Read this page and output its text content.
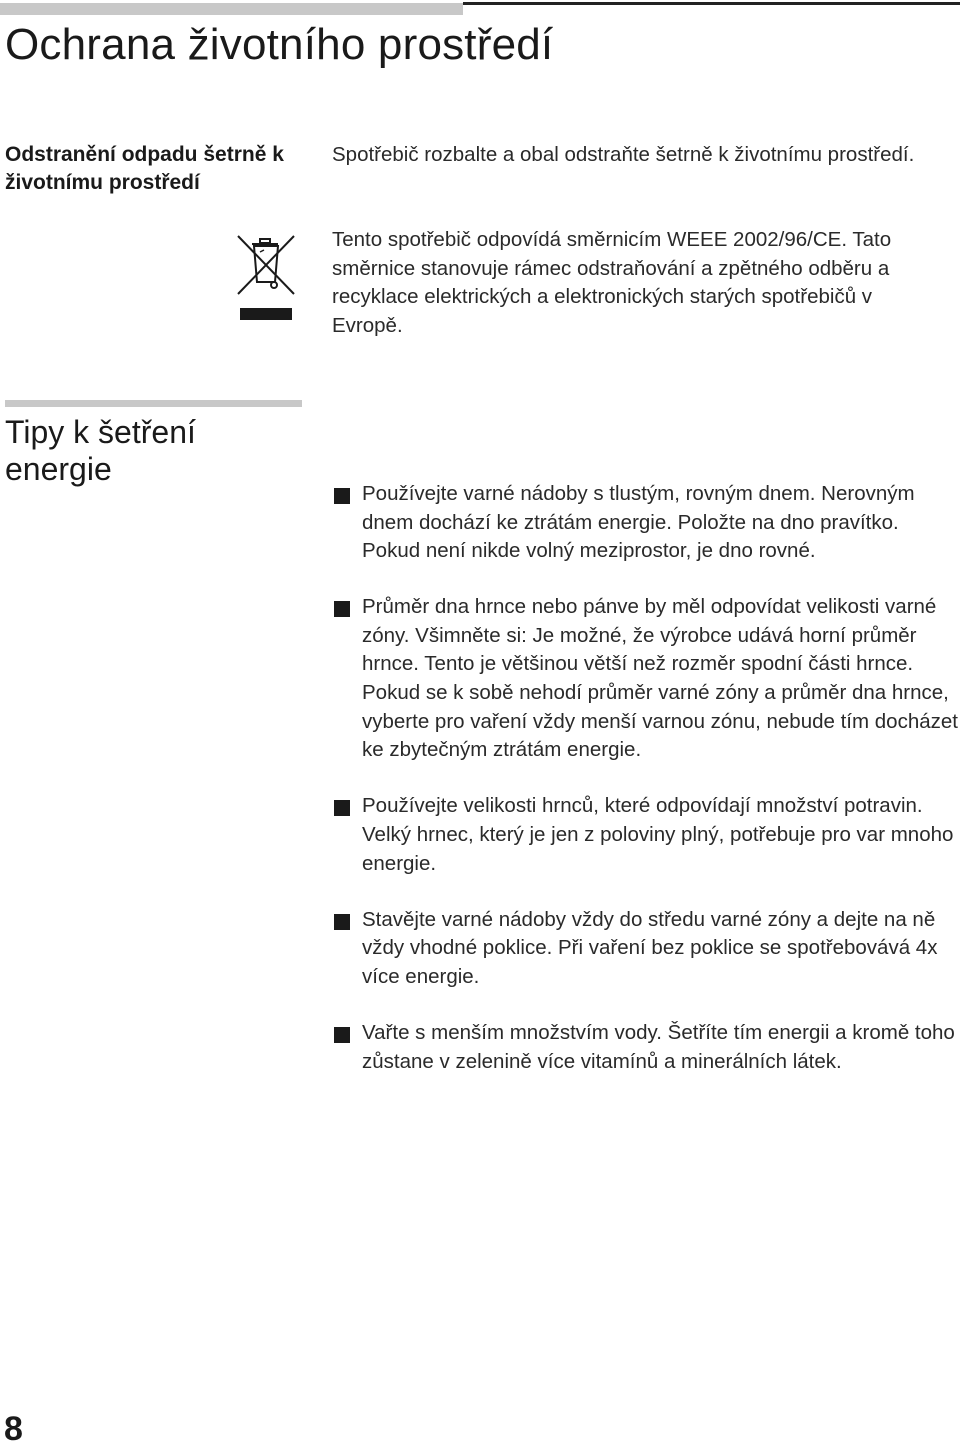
Ochrana životního prostředí
Odstranění odpadu šetrně k životnímu prostředí

Spotřebič rozbalte a obal odstraňte šetrně k životnímu prostředí.

Tento spotřebič odpovídá směrnicím WEEE 2002/96/CE. Tato směrnice stanovuje rámec odstraňování a zpětného odběru a recyklace elektrických a elektronických starých spotřebičů v Evropě.

Tipy k šetření energie
Používejte varné nádoby s tlustým, rovným dnem. Nerovným dnem dochází ke ztrátám energie. Položte na dno pravítko. Pokud není nikde volný meziprostor, je dno rovné.
Průměr dna hrnce nebo pánve by měl odpovídat velikosti varné zóny. Všimněte si: Je možné, že výrobce udává horní průměr hrnce. Tento je většinou větší než rozměr spodní části hrnce. Pokud se k sobě nehodí průměr varné zóny a průměr dna hrnce, vyberte pro vaření vždy menší varnou zónu, nebude tím docházet ke zbytečným ztrátám energie.
Používejte velikosti hrnců, které odpovídají množství potravin. Velký hrnec, který je jen z poloviny plný, potřebuje pro var mnoho energie.
Stavějte varné nádoby vždy do středu varné zóny a dejte na ně vždy vhodné poklice. Při vaření bez poklice se spotřebovává 4x více energie.
Vařte s menším množstvím vody. Šetříte tím energii a kromě toho zůstane v zelenině více vitamínů a minerálních látek.

8
